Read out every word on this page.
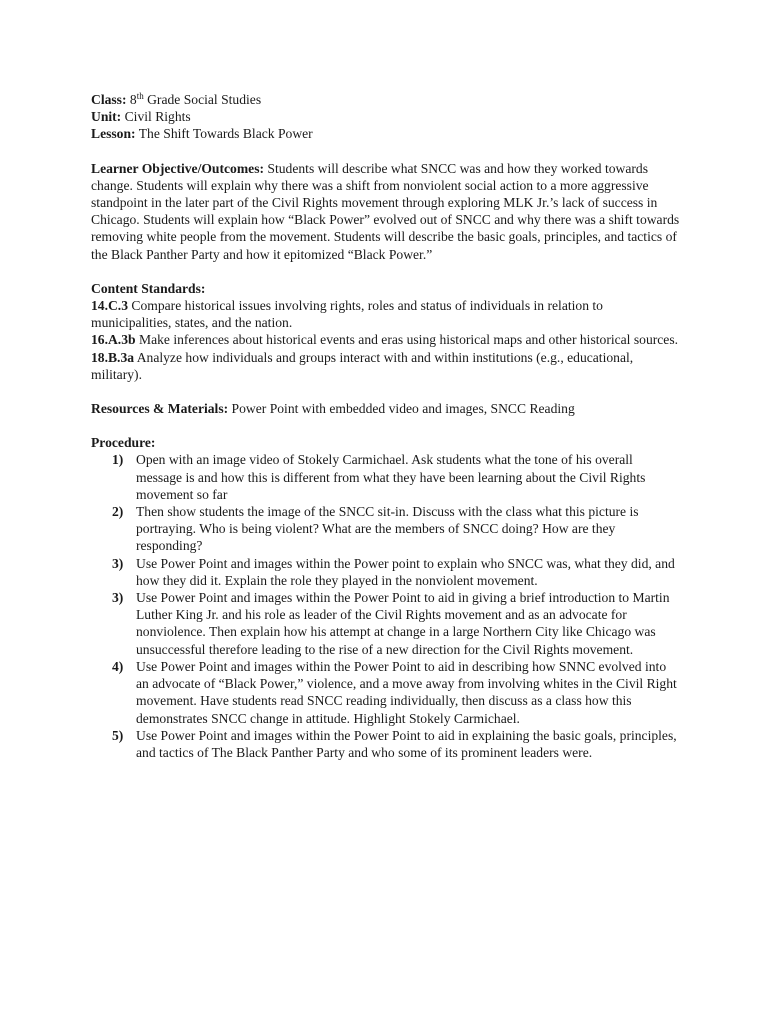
Class: 8th Grade Social Studies

Unit: Civil Rights

Lesson: The Shift Towards Black Power

Learner Objective/Outcomes: Students will describe what SNCC was and how they worked towards change. Students will explain why there was a shift from nonviolent social action to a more aggressive standpoint in the later part of the Civil Rights movement through exploring MLK Jr.’s lack of success in Chicago. Students will explain how “Black Power” evolved out of SNCC and why there was a shift towards removing white people from the movement. Students will describe the basic goals, principles, and tactics of the Black Panther Party and how it epitomized “Black Power.”

Content Standards:

14.C.3 Compare historical issues involving rights, roles and status of individuals in relation to municipalities, states, and the nation.

16.A.3b Make inferences about historical events and eras using historical maps and other historical sources.

18.B.3a Analyze how individuals and groups interact with and within institutions (e.g., educational, military).

Resources & Materials: Power Point with embedded video and images, SNCC Reading

Procedure:

1) Open with an image video of Stokely Carmichael. Ask students what the tone of his overall message is and how this is different from what they have been learning about the Civil Rights movement so far
2) Then show students the image of the SNCC sit-in. Discuss with the class what this picture is portraying. Who is being violent? What are the members of SNCC doing? How are they responding?
3) Use Power Point and images within the Power point to explain who SNCC was, what they did, and how they did it. Explain the role they played in the nonviolent movement.
3) Use Power Point and images within the Power Point to aid in giving a brief introduction to Martin Luther King Jr. and his role as leader of the Civil Rights movement and as an advocate for nonviolence. Then explain how his attempt at change in a large Northern City like Chicago was unsuccessful therefore leading to the rise of a new direction for the Civil Rights movement.
4) Use Power Point and images within the Power Point to aid in describing how SNNC evolved into an advocate of “Black Power,” violence, and a move away from involving whites in the Civil Right movement. Have students read SNCC reading individually, then discuss as a class how this demonstrates SNCC change in attitude. Highlight Stokely Carmichael.
5) Use Power Point and images within the Power Point to aid in explaining the basic goals, principles, and tactics of The Black Panther Party and who some of its prominent leaders were.
